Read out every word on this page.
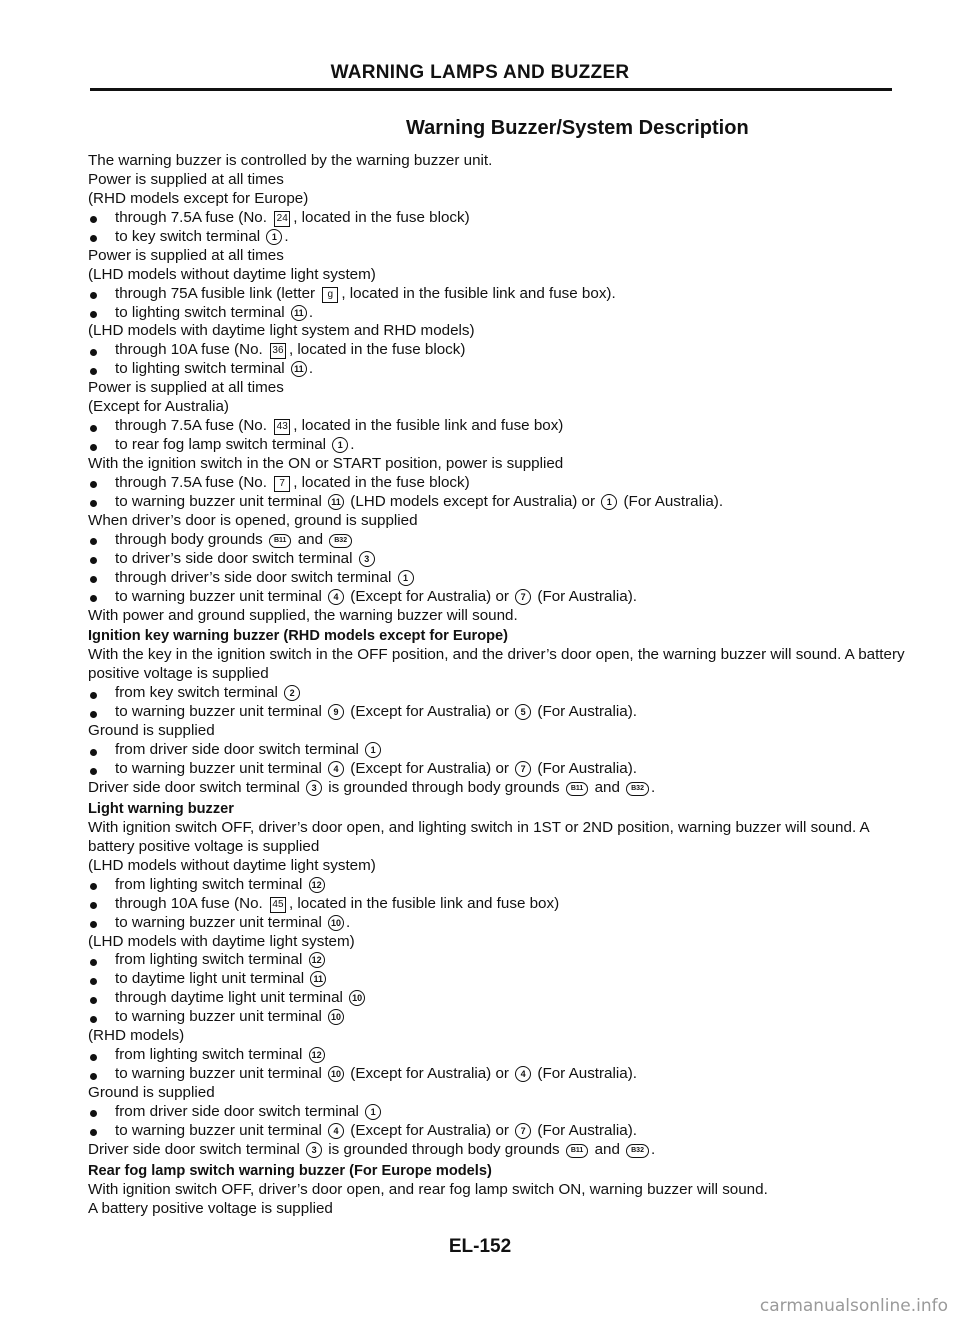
WARNING LAMPS AND BUZZER
Warning Buzzer/System Description
The warning buzzer is controlled by the warning buzzer unit.
Power is supplied at all times
(RHD models except for Europe)
through 7.5A fuse (No. 24 , located in the fuse block)
to key switch terminal 1 .
Power is supplied at all times
(LHD models without daytime light system)
through 75A fusible link (letter g , located in the fusible link and fuse box).
to lighting switch terminal 11 .
(LHD models with daytime light system and RHD models)
through 10A fuse (No. 36 , located in the fuse block)
to lighting switch terminal 11 .
Power is supplied at all times
(Except for Australia)
through 7.5A fuse (No. 43 , located in the fusible link and fuse box)
to rear fog lamp switch terminal 1 .
With the ignition switch in the ON or START position, power is supplied
through 7.5A fuse (No. 7 , located in the fuse block)
to warning buzzer unit terminal 11 (LHD models except for Australia) or 1 (For Australia).
When driver’s door is opened, ground is supplied
through body grounds B11 and B32
to driver’s side door switch terminal 3
through driver’s side door switch terminal 1
to warning buzzer unit terminal 4 (Except for Australia) or 7 (For Australia).
With power and ground supplied, the warning buzzer will sound.
Ignition key warning buzzer (RHD models except for Europe)
With the key in the ignition switch in the OFF position, and the driver’s door open, the warning buzzer will sound. A battery positive voltage is supplied
from key switch terminal 2
to warning buzzer unit terminal 9 (Except for Australia) or 5 (For Australia).
Ground is supplied
from driver side door switch terminal 1
to warning buzzer unit terminal 4 (Except for Australia) or 7 (For Australia).
Driver side door switch terminal 3 is grounded through body grounds B11 and B32 .
Light warning buzzer
With ignition switch OFF, driver’s door open, and lighting switch in 1ST or 2ND position, warning buzzer will sound. A battery positive voltage is supplied
(LHD models without daytime light system)
from lighting switch terminal 12
through 10A fuse (No. 45 , located in the fusible link and fuse box)
to warning buzzer unit terminal 10 .
(LHD models with daytime light system)
from lighting switch terminal 12
to daytime light unit terminal 11
through daytime light unit terminal 10
to warning buzzer unit terminal 10
(RHD models)
from lighting switch terminal 12
to warning buzzer unit terminal 10 (Except for Australia) or 4 (For Australia).
Ground is supplied
from driver side door switch terminal 1
to warning buzzer unit terminal 4 (Except for Australia) or 7 (For Australia).
Driver side door switch terminal 3 is grounded through body grounds B11 and B32 .
Rear fog lamp switch warning buzzer (For Europe models)
With ignition switch OFF, driver’s door open, and rear fog lamp switch ON, warning buzzer will sound.
A battery positive voltage is supplied
EL-152
carmanualsonline.info
